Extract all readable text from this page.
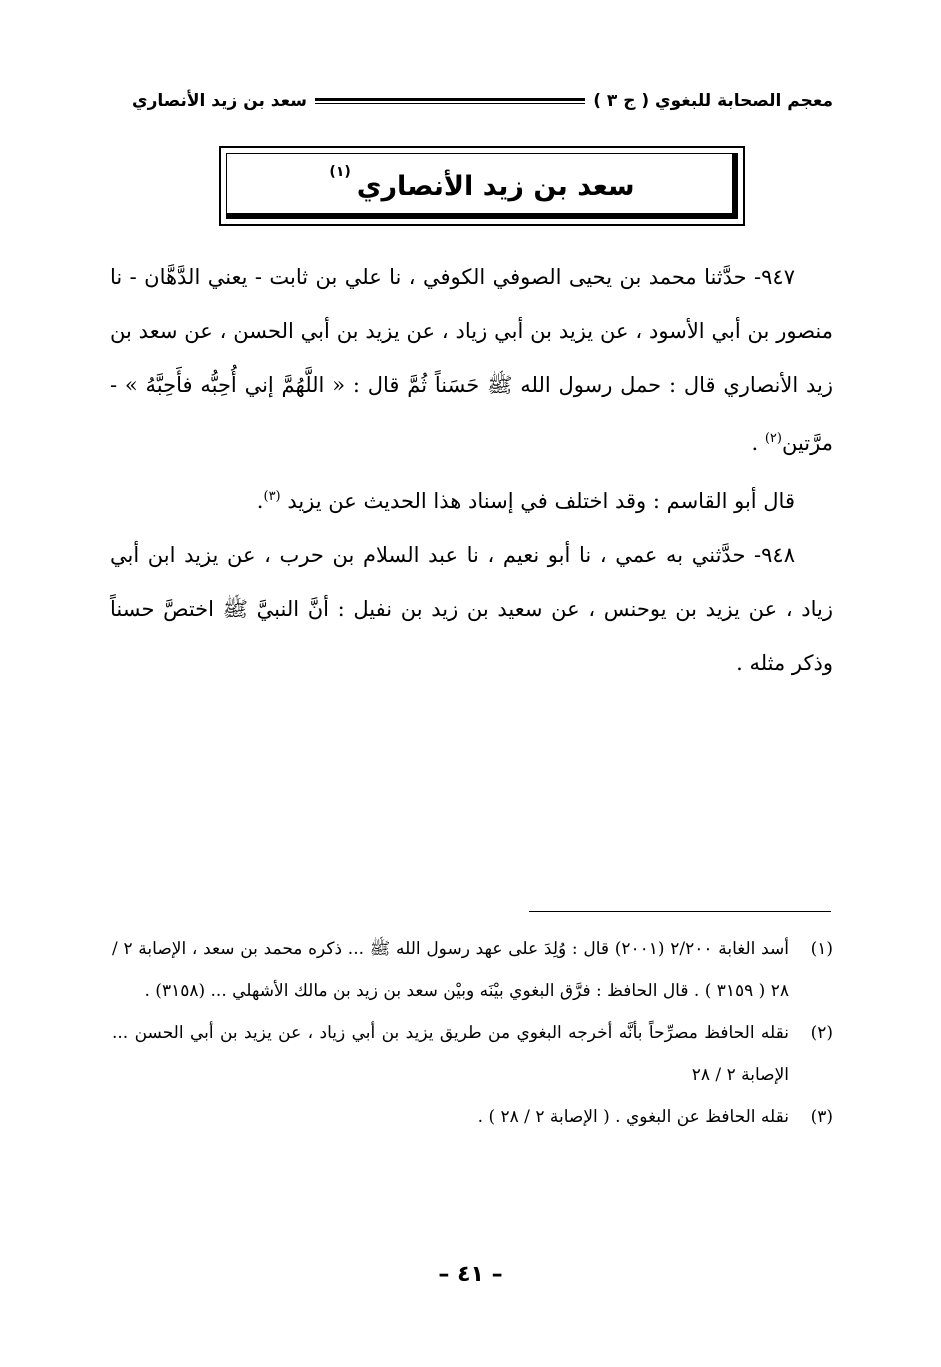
معجم الصحابة للبغوي ( ج ٣ )
سعد بن زيد الأنصاري
سعد بن زيد الأنصاري
(١)

٩٤٧- حدَّثنا محمد بن يحيى الصوفي الكوفي ، نا علي بن ثابت - يعني الدَّهَّان - نا منصور بن أبي الأسود ، عن يزيد بن أبي زياد ، عن يزيد بن أبي الحسن ، عن سعد بن زيد الأنصاري قال : حمل رسول الله ﷺ حَسَناً ثُمَّ قال : « اللَّهُمَّ إني أُحِبُّه فأَحِبَّهُ » - مرَّتين$^{(٢)}$ .

قال أبو القاسم : وقد اختلف في إسناد هذا الحديث عن يزيد $^{(٣)}$.

٩٤٨- حدَّثني به عمي ، نا أبو نعيم ، نا عبد السلام بن حرب ، عن يزيد ابن أبي زياد ، عن يزيد بن يوحنس ، عن سعيد بن زيد بن نفيل : أنَّ النبيَّ ﷺ اختصَّ حسناً وذكر مثله .

(١)
أسد الغابة ٢/٢٠٠ (٢٠٠١) قال : وُلِدَ على عهد رسول الله ﷺ ... ذكره محمد بن سعد ، الإصابة ٢ / ٢٨ ( ٣١٥٩ ) . قال الحافظ : فرَّق البغوي بيْنَه وبيْن سعد بن زيد بن مالك الأشهلي ... (٣١٥٨) .

(٢)
نقله الحافظ مصرِّحاً بأنَّه أخرجه البغوي من طريق يزيد بن أبي زياد ، عن يزيد بن أبي الحسن ... الإصابة ٢ / ٢٨

(٣)
نقله الحافظ عن البغوي . ( الإصابة ٢ / ٢٨ ) .

– ٤١ –
